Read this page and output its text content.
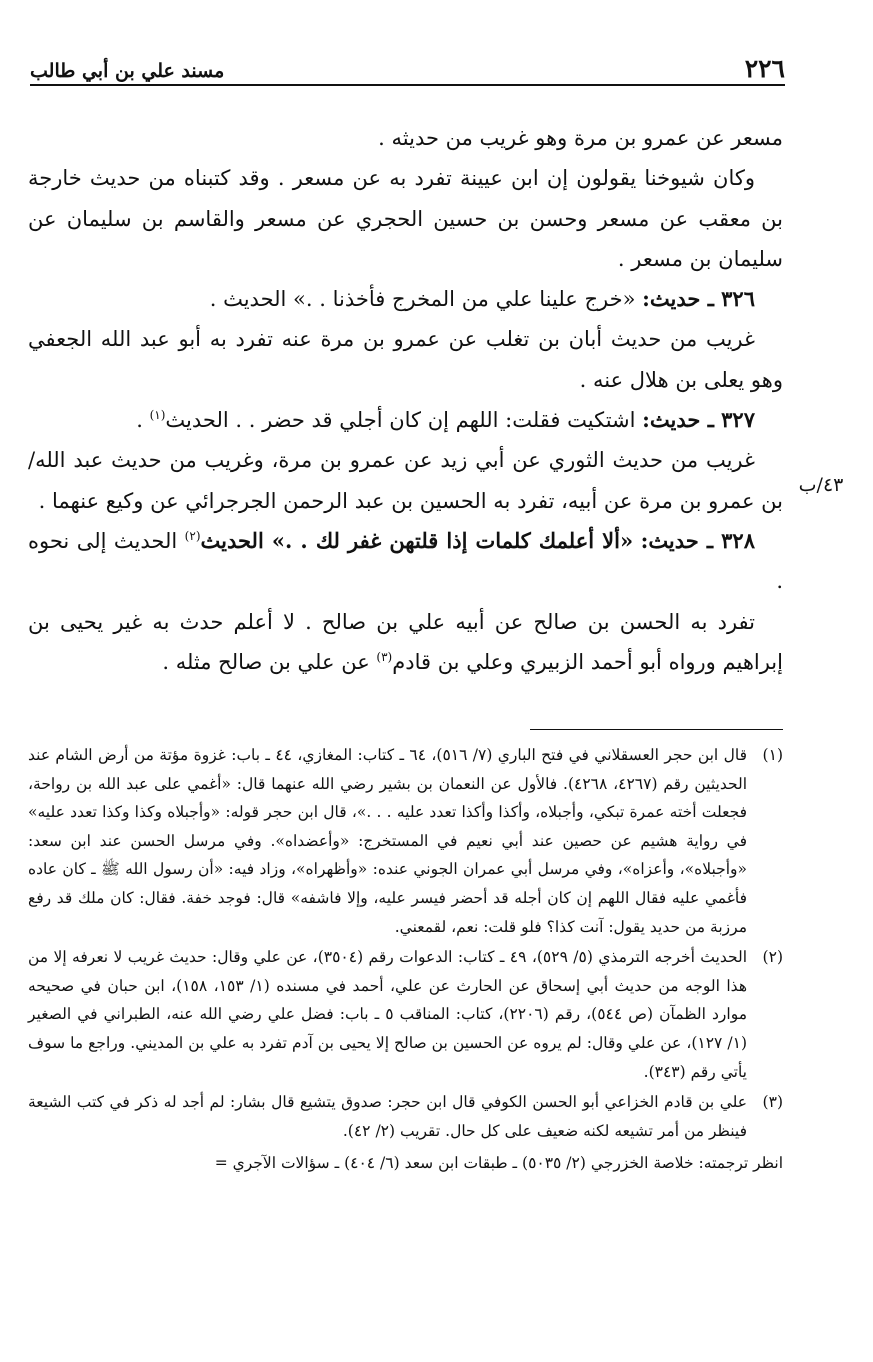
٢٢٦
مسند علي بن أبي طالب

مسعر عن عمرو بن مرة وهو غريب من حديثه .

وكان شيوخنا يقولون إن ابن عيينة تفرد به عن مسعر . وقد كتبناه من حديث خارجة بن معقب عن مسعر وحسن بن حسين الحجري عن مسعر والقاسم بن سليمان عن سليمان بن مسعر .

٣٢٦ ـ حديث: «خرج علينا علي من المخرج فأخذنا . .» الحديث .

غريب من حديث أبان بن تغلب عن عمرو بن مرة عنه تفرد به أبو عبد الله الجعفي وهو يعلى بن هلال عنه .

٣٢٧ ـ حديث: اشتكيت فقلت: اللهم إن كان أجلي قد حضر . . الحديث$^{(١)}$ .

غريب من حديث الثوري عن أبي زيد عن عمرو بن مرة، وغريب من حديث عبد الله/ بن عمرو بن مرة عن أبيه، تفرد به الحسين بن عبد الرحمن الجرجرائي عن وكيع عنهما .

٣٢٨ ـ حديث: «ألا أعلمك كلمات إذا قلتهن غفر لك . .» الحديث$^{(٢)}$ الحديث إلى نحوه .

تفرد به الحسن بن صالح عن أبيه علي بن صالح . لا أعلم حدث به غير يحيى بن إبراهيم ورواه أبو أحمد الزبيري وعلي بن قادم$^{(٣)}$ عن علي بن صالح مثله .

٤٣/ب

(١)
قال ابن حجر العسقلاني في فتح الباري (٧/ ٥١٦)، ٦٤ ـ كتاب: المغازي، ٤٤ ـ باب: غزوة مؤتة من أرض الشام عند الحديثين رقم (٤٢٦٧، ٤٢٦٨). فالأول عن النعمان بن بشير رضي الله عنهما قال: «أغمي على عبد الله بن رواحة، فجعلت أخته عمرة تبكي، وأجبلاه، وأكذا وأكذا تعدد عليه . . .»، قال ابن حجر قوله: «وأجبلاه وكذا وكذا تعدد عليه» في رواية هشيم عن حصين عند أبي نعيم في المستخرج: «وأعضداه». وفي مرسل الحسن عند ابن سعد: «وأجبلاه»، وأعزاه»، وفي مرسل أبي عمران الجوني عنده: «وأظهراه»، وزاد فيه: «أن رسول الله ﷺ ـ كان عاده فأغمي عليه فقال اللهم إن كان أجله قد أحضر فيسر عليه، وإلا فاشفه» قال: فوجد خفة. فقال: كان ملك قد رفع مرزبة من حديد يقول: آنت كذا؟ فلو قلت: نعم، لقمعني.

(٢)
الحديث أخرجه الترمذي (٥/ ٥٢٩)، ٤٩ ـ كتاب: الدعوات رقم (٣٥٠٤)، عن علي وقال: حديث غريب لا نعرفه إلا من هذا الوجه من حديث أبي إسحاق عن الحارث عن علي، أحمد في مسنده (١/ ١٥٣، ١٥٨)، ابن حبان في صحيحه موارد الظمآن (ص ٥٤٤)، رقم (٢٢٠٦)، كتاب: المناقب ٥ ـ باب: فضل علي رضي الله عنه، الطبراني في الصغير (١/ ١٢٧)، عن علي وقال: لم يروه عن الحسين بن صالح إلا يحيى بن آدم تفرد به علي بن المديني. وراجع ما سوف يأتي رقم (٣٤٣).

(٣)
علي بن قادم الخزاعي أبو الحسن الكوفي قال ابن حجر: صدوق يتشيع قال بشار: لم أجد له ذكر في كتب الشيعة فينظر من أمر تشيعه لكنه ضعيف على كل حال. تقريب (٢/ ٤٢).

انظر ترجمته: خلاصة الخزرجي (٢/ ٥٠٣٥) ـ طبقات ابن سعد (٦/ ٤٠٤) ـ سؤالات الآجري =
